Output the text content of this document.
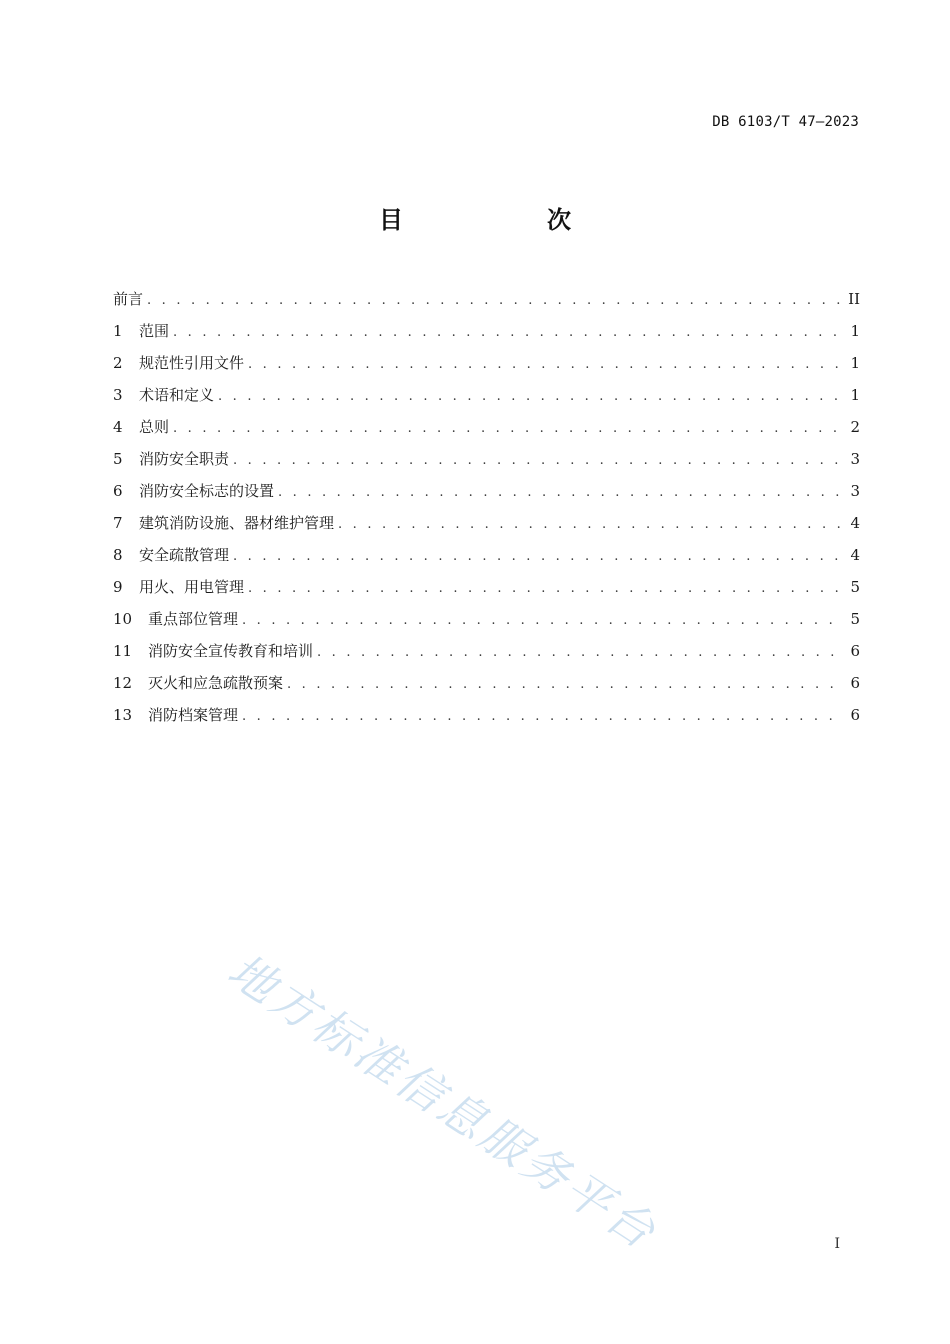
DB 6103/T 47—2023
目　次
前言 . . .	II
1	范围 . . .	1
2	规范性引用文件 . . .	1
3	术语和定义 . . .	1
4	总则 . . .	2
5	消防安全职责 . . .	3
6	消防安全标志的设置 . . .	3
7	建筑消防设施、器材维护管理 . . .	4
8	安全疏散管理 . . .	4
9	用火、用电管理 . . .	5
10	重点部位管理 . . .	5
11	消防安全宣传教育和培训 . . .	6
12	灭火和应急疏散预案 . . .	6
13	消防档案管理 . . .	6
地方标准信息服务平台	I
